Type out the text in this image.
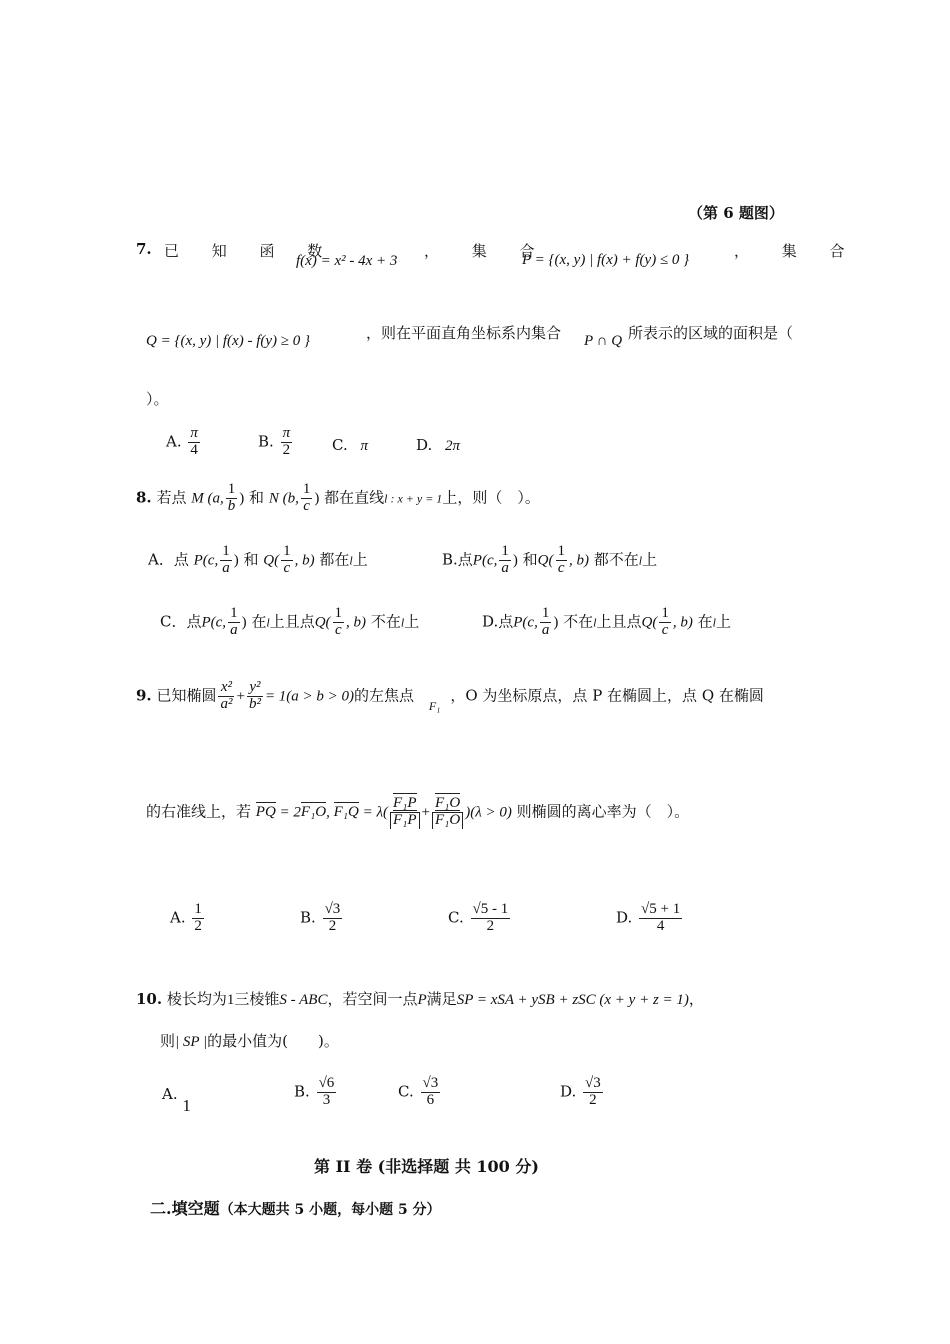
（第 6 题图）
7. 已 知 函 数
f(x) = x² - 4x + 3
， 集 合
P = {(x, y) | f(x) + f(y) ≤ 0 }	， 集 合
Q = {(x, y) | f(x) - f(y) ≥ 0 }	，则在平面直角坐标系内集合 P ∩ Q 所表示的区域的面积是（
）。
A. $\frac{\pi}{4}$	B. $\frac{\pi}{2}$	C. π	D. 2π
8. 若点 M (a, $\frac{1}{b}$ ) 和 N (b, $\frac{1}{c}$ ) 都在直线l : x + y = 1上，则（　）。
A．点 P(c, $\frac{1}{a}$ ) 和 $Q( \frac{1}{c}$ , b) 都在l上	B.点P(c, $\frac{1}{a}$ ) 和$Q( \frac{1}{c}$ , b) 都不在l上
C．点P(c, $\frac{1}{a}$ ) 在l上且点$Q( \frac{1}{c}$ , b) 不在l上	D.点P(c, $\frac{1}{a}$ ) 不在l上且点$Q( \frac{1}{c}$ , b) 在l上
9. 已知椭圆 $\frac{\text{x²}}{\text{a²}} + \frac{\text{y²}}{\text{b²}} = 1(a > b > 0)$的左焦点 $_{F_1}$，O 为坐标原点，点 P 在椭圆上，点 Q 在椭圆
的右准线上，若 PQ = 2F₁O, $F_1Q = \lambda( \frac{\text{F₁P}}{\text{F₁P}} + \frac{\text{F₁O}}{\text{F₁O}} )(\lambda > 0)$ 则椭圆的离心率为（　）。
A. $\frac{1}{2}$	B. $\frac{√3}{2}$	C. $\frac{√5 - 1}{2}$	D. $\frac{√5 + 1}{4}$
10. 棱长均为1三棱锥S - ABC，若空间一点P满足SP = xSA + ySB + zSC (x + y + z = 1)，
则| SP |的最小值为(　　)。
A. 1
B. $\frac{√6}{3}$	C. $\frac{√3}{6}$	D. $\frac{√3}{2}$
第 II 卷 (非选择题 共 100 分)
二.填空题（本大题共 5 小题，每小题 5 分）
